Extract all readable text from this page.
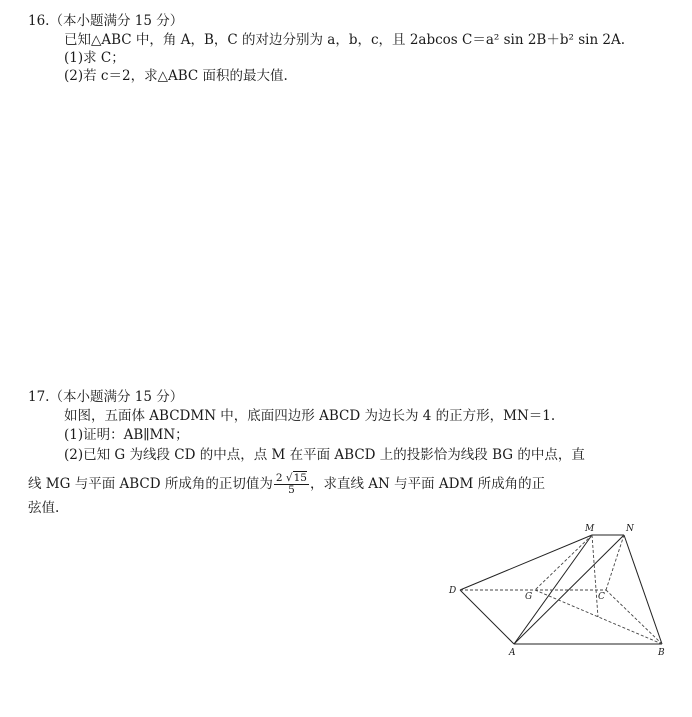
16.（本小题满分 15 分）
已知△ABC 中，角 A，B，C 的对边分别为 a，b，c，且 2abcos C＝a² sin 2B＋b² sin 2A.
(1)求 C；
(2)若 c＝2，求△ABC 面积的最大值.
17.（本小题满分 15 分）
如图，五面体 ABCDMN 中，底面四边形 ABCD 为边长为 4 的正方形，MN＝1.
(1)证明：AB∥MN；
(2)已知 G 为线段 CD 的中点，点 M 在平面 ABCD 上的投影恰为线段 BG 的中点，直
线 MG 与平面 ABCD 所成角的正切值为 $\frac{2 √15}{5}$ ，求直线 AN 与平面 ADM 所成角的正
弦值.
M	N
D
G	C
A	B
